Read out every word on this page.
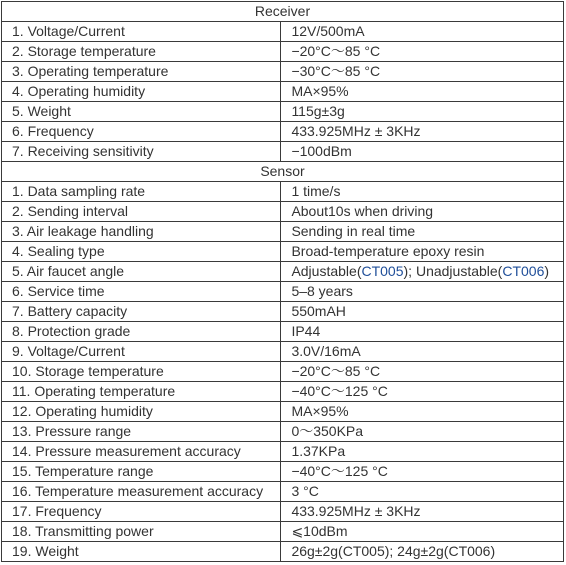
Receiver	
1. Voltage/Current	12V/500mA
2. Storage temperature	−20°C〜85 °C
3. Operating temperature	−30°C〜85 °C
4. Operating humidity	MA×95%
5. Weight	115g±3g
6. Frequency	433.925MHz ± 3KHz
7. Receiving sensitivity	−100dBm
Sensor	
1. Data sampling rate	1 time/s
2. Sending interval	About10s when driving
3. Air leakage handling	Sending in real time
4. Sealing type	Broad-temperature epoxy resin
5. Air faucet angle	Adjustable(CT005); Unadjustable(CT006)
6. Service time	5–8 years
7. Battery capacity	550mAH
8. Protection grade	IP44
9. Voltage/Current	3.0V/16mA
10. Storage temperature	−20°C〜85 °C
11. Operating temperature	−40°C〜125 °C
12. Operating humidity	MA×95%
13. Pressure range	0〜350KPa
14. Pressure measurement accuracy	1.37KPa
15. Temperature range	−40°C〜125 °C
16. Temperature measurement accuracy	3 °C
17. Frequency	433.925MHz ± 3KHz
18. Transmitting power	⩽10dBm
19. Weight	26g±2g(CT005); 24g±2g(CT006)
